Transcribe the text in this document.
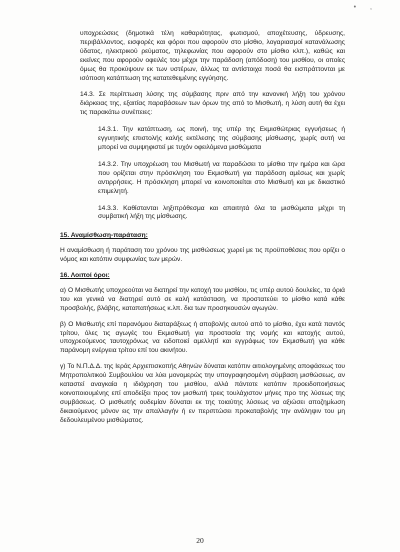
• ,

υποχρεώσεις (δημοτικά τέλη καθαριότητας, φωτισμού, αποχέτευσης, ύδρευσης, περιβάλλοντος, εισφορές και φόροι που αφορούν στο μίσθιο, λογαριασμοί κατανάλωσης ύδατος, ηλεκτρικού ρεύματος, τηλεφωνίας που αφορούν στο μίσθιο κλπ.), καθώς και εκείνες που αφορούν οφειλές του μέχρι την παράδοση (απόδοση) του μισθίου, οι οποίες όμως θα προκύψουν εκ των υστέρων, άλλως τα αντίστοιχα ποσά θα εισπράττονται με ισόποση κατάπτωση της κατατεθειμένης εγγύησης.

14.3. Σε περίπτωση λύσης της σύμβασης πριν από την κανονική λήξη του χρόνου διάρκειας της, εξαιτίας παραβάσεων των όρων της από το Μισθωτή, η λύση αυτή θα έχει τις παρακάτω συνέπειες:

14.3.1. Την κατάπτωση, ως ποινή, της υπέρ της Εκμισθώτριας εγγυήσεως ή εγγυητικής επιστολής καλής εκτέλεσης της σύμβασης μίσθωσης, χωρίς αυτή να μπορεί να συμψηφιστεί με τυχόν οφειλόμενα μισθώματα

14.3.2. Την υποχρέωση του Μισθωτή να παραδώσει το μίσθιο την ημέρα και ώρα που ορίζεται στην πρόσκληση του Εκμισθωτή για παράδοση αμέσως και χωρίς αντιρρήσεις. Η πρόσκληση μπορεί να κοινοποιείται στο Μισθωτή και με δικαστικό επιμελητή.

14.3.3. Καθίστανται ληξιπρόθεσμα και απαιτητά όλα τα μισθώματα μέχρι τη συμβατική λήξη της μίσθωσης.

15. Αναμίσθωση-παράταση:

Η αναμίσθωση ή παράταση του χρόνου της μισθώσεως χωρεί με τις προϋποθέσεις που ορίζει ο νόμος και κατόπιν συμφωνίας των μερών.

16. Λοιποί όροι:

α) Ο Μισθωτής υποχρεούται να διατηρεί την κατοχή του μισθίου, τις υπέρ αυτού δουλείες, τα όριά του και γενικά να διατηρεί αυτό σε καλή κατάσταση, να προστατεύει το μίσθιο κατά κάθε προσβολής, βλάβης, καταπατήσεως κ.λπ. δια των προσηκουσών αγωγών.

β) Ο Μισθωτής επί παρανόμου διαταράξεως ή αποβολής αυτού από το μίσθιο, έχει κατά παντός τρίτου, όλες τις αγωγές του Εκμισθωτή για προστασία της νομής και κατοχής αυτού, υποχρεούμενος ταυτοχρόνως να ειδοποιεί αμελλητί και εγγράφως τον Εκμισθωτή για κάθε παράνομη ενέργεια τρίτου επί του ακινήτου.

γ) Το Ν.Π.Δ.Δ. της Ιεράς Αρχιεπισκοπής Αθηνών δύναται κατόπιν αιτιολογημένης αποφάσεως του Μητροπολιτικού Συμβουλίου να λύει μονομερώς την υπογραφησομένη σύμβαση μισθώσεως, αν καταστεί αναγκαία η ιδιόχρηση του μισθίου, αλλά πάντοτε κατόπιν προειδοποιήσεως κοινοποιουμένης επί αποδείξει προς τον μισθωτή τρεις τουλάχιστον μήνες προ της λύσεως της συμβάσεως. Ο μισθωτής ουδεμίαν δύναται εκ της τοιαύτης λύσεως να αξιώσει αποζημίωση δικαιούμενος μόνον εις την απαλλαγήν ή εν περιπτώσει προκαταβολής την ανάληψιν του μη δεδουλευμένου μισθώματος.

20
